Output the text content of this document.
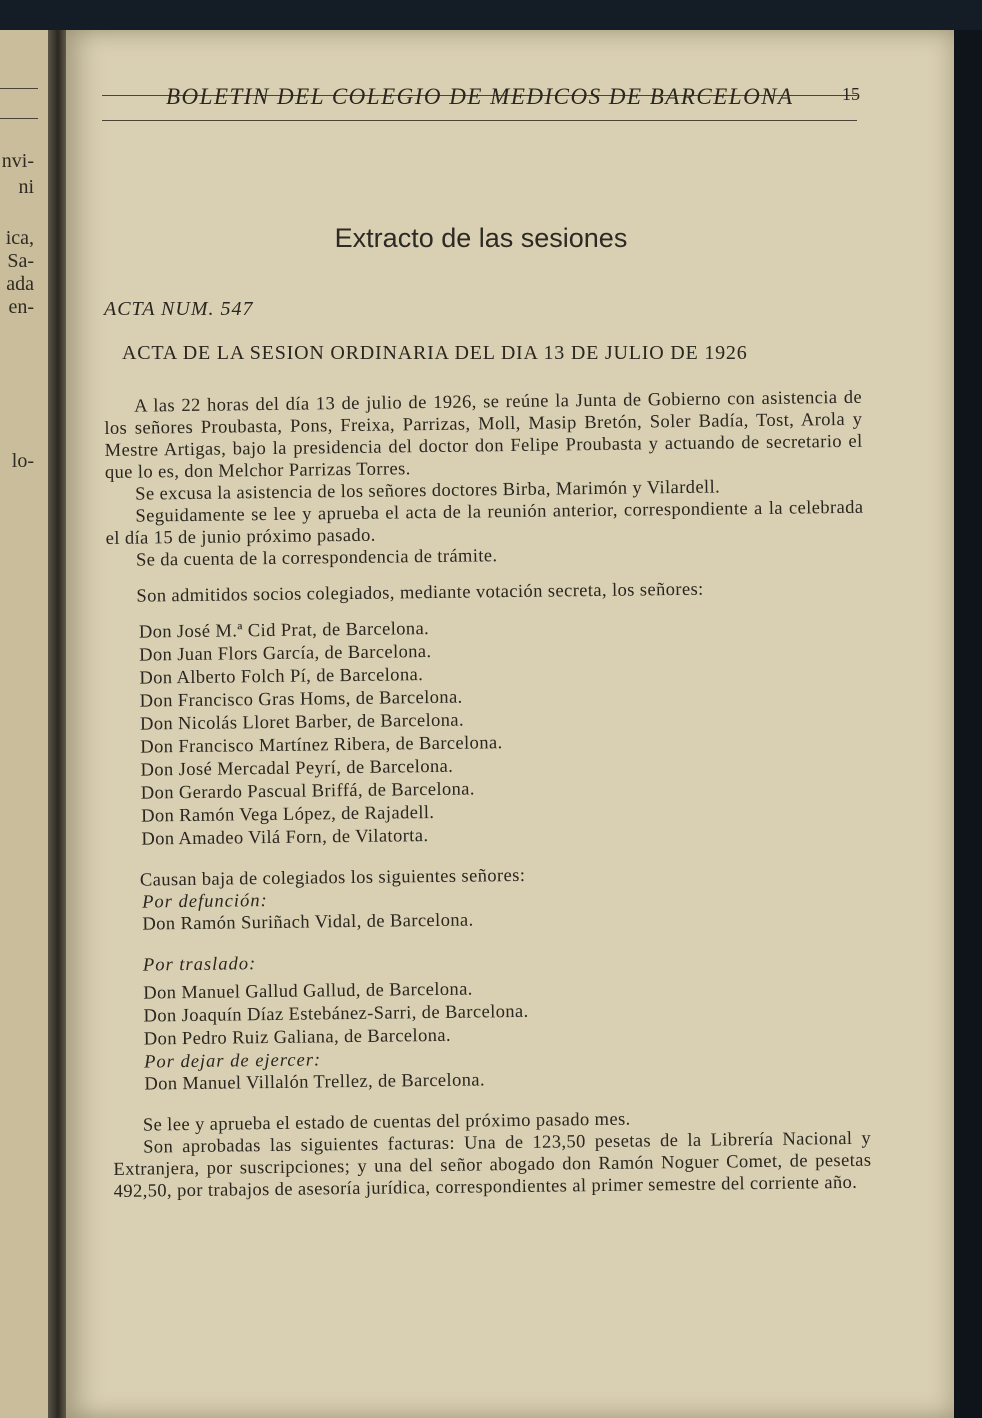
nvi-
ni
ica,
Sa-
ada
en-
lo-
BOLETIN DEL COLEGIO DE MEDICOS DE BARCELONA	15
Extracto de las sesiones
ACTA NUM. 547
ACTA DE LA SESION ORDINARIA DEL DIA 13 DE JULIO DE 1926

A las 22 horas del día 13 de julio de 1926, se reúne la Junta de Gobierno con asistencia de los señores Proubasta, Pons, Freixa, Parrizas, Moll, Masip Bretón, Soler Badía, Tost, Arola y Mestre Artigas, bajo la presidencia del doctor don Felipe Proubasta y actuando de secretario el que lo es, don Melchor Parrizas Torres.

Se excusa la asistencia de los señores doctores Birba, Marimón y Vilardell.

Seguidamente se lee y aprueba el acta de la reunión anterior, correspondiente a la celebrada el día 15 de junio próximo pasado.

Se da cuenta de la correspondencia de trámite.

Son admitidos socios colegiados, mediante votación secreta, los señores:

Don José M.ª Cid Prat, de Barcelona.
Don Juan Flors García, de Barcelona.
Don Alberto Folch Pí, de Barcelona.
Don Francisco Gras Homs, de Barcelona.
Don Nicolás Lloret Barber, de Barcelona.
Don Francisco Martínez Ribera, de Barcelona.
Don José Mercadal Peyrí, de Barcelona.
Don Gerardo Pascual Briffá, de Barcelona.
Don Ramón Vega López, de Rajadell.
Don Amadeo Vilá Forn, de Vilatorta.

Causan baja de colegiados los siguientes señores:

Por defunción:
Don Ramón Suriñach Vidal, de Barcelona.
Por traslado:
Don Manuel Gallud Gallud, de Barcelona.
Don Joaquín Díaz Estebánez-Sarri, de Barcelona.
Don Pedro Ruiz Galiana, de Barcelona.
Por dejar de ejercer:
Don Manuel Villalón Trellez, de Barcelona.

Se lee y aprueba el estado de cuentas del próximo pasado mes.

Son aprobadas las siguientes facturas: Una de 123,50 pesetas de la Librería Nacional y Extranjera, por suscripciones; y una del señor abogado don Ramón Noguer Comet, de pesetas 492,50, por trabajos de asesoría jurídica, correspondientes al primer semestre del corriente año.
